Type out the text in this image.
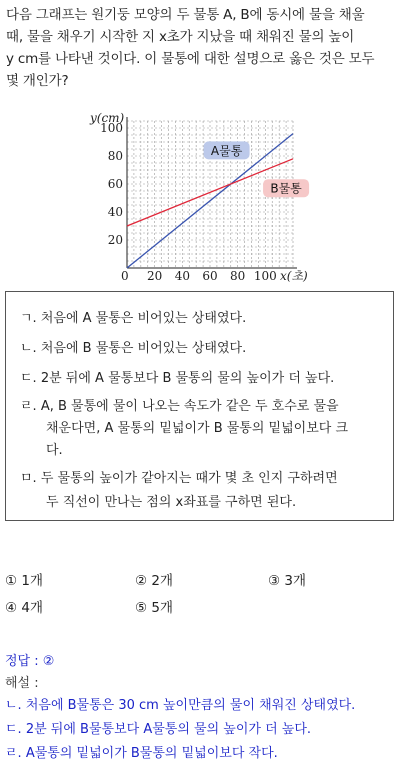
다음 그래프는 원기둥 모양의 두 물통 A, B에 동시에 물을 채울
때, 물을 채우기 시작한 지 x초가 지났을 때 채워진 물의 높이
y cm를 나타낸 것이다. 이 물통에 대한 설명으로 옳은 것은 모두
몇 개인가?
20 40 60 80 100
20
40
60
80
100
A물통
B물통
y(cm)
x(초)
0
ㄱ. 처음에 A 물통은 비어있는 상태였다.
ㄴ. 처음에 B 물통은 비어있는 상태였다.
ㄷ. 2분 뒤에 A 물통보다 B 물통의 물의 높이가 더 높다.
ㄹ. A, B 물통에 물이 나오는 속도가 같은 두 호수로 물을
채운다면, A 물통의 밑넓이가 B 물통의 밑넓이보다 크
다.
ㅁ. 두 물통의 높이가 같아지는 때가 몇 초 인지 구하려면
두 직선이 만나는 점의 x좌표를 구하면 된다.
① 1개	② 2개	③ 3개
④ 4개	⑤ 5개
정답 : ②
해설 :
ㄴ. 처음에 B물통은 30 cm 높이만큼의 물이 채워진 상태였다.
ㄷ. 2분 뒤에 B물통보다 A물통의 물의 높이가 더 높다.
ㄹ. A물통의 밑넓이가 B물통의 밑넓이보다 작다.
